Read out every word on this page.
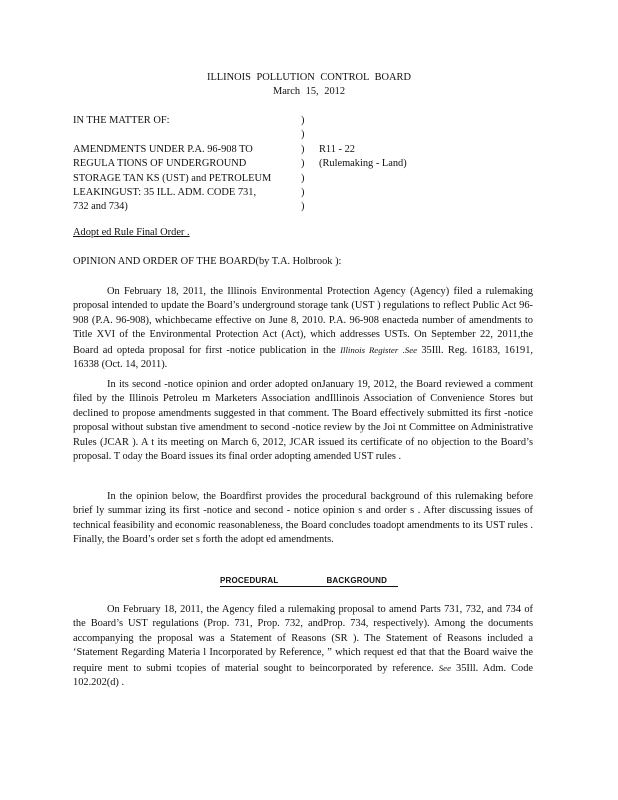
ILLINOIS POLLUTION CONTROL BOARD
March 15, 2012
IN THE MATTER OF:
AMENDMENTS UNDER P.A. 96-908 TO
REGULA TIONS OF UNDERGROUND
STORAGE TAN KS (UST) and PETROLEUM
LEAKINGUST: 35 ILL. ADM. CODE 731,
732 and 734)
)
)
)
)
)
)
)
R11 - 22
(Rulemaking - Land)
Adopt ed Rule Final Order .
OPINION AND ORDER OF THE BOARD(by T.A. Holbrook ):

On February 18, 2011, the Illinois Environmental Protection Agency (Agency) filed a rulemaking proposal intended to update the Board’s underground storage tank (UST ) regulations to reflect Public Act 96-908 (P.A. 96-908), whichbecame effective on June 8, 2010. P.A. 96-908 enacteda number of amendments to Title XVI of the Environmental Protection Act (Act), which addresses USTs. On September 22, 2011,the Board ad opteda proposal for first -notice publication in the Illinois Register .See 35Ill. Reg. 16183, 16191, 16338 (Oct. 14, 2011).

In its second -notice opinion and order adopted onJanuary 19, 2012, the Board reviewed a comment filed by the Illinois Petroleu m Marketers Association andIllinois Association of Convenience Stores but declined to propose amendments suggested in that comment. The Board effectively submitted its first -notice proposal without substan tive amendment to second -notice review by the Joi nt Committee on Administrative Rules (JCAR ). A t its meeting on March 6, 2012, JCAR issued its certificate of no objection to the Board’s proposal. T oday the Board issues its final order adopting amended UST rules .

In the opinion below, the Boardfirst provides the procedural background of this rulemaking before brief ly summar izing its first -notice and second - notice opinion s and order s . After discussing issues of technical feasibility and economic reasonableness, the Board concludes toadopt amendments to its UST rules . Finally, the Board’s order set s forth the adopt ed amendments.

PROCEDURAL	BACKGROUND

On February 18, 2011, the Agency filed a rulemaking proposal to amend Parts 731, 732, and 734 of the Board’s UST regulations (Prop. 731, Prop. 732, andProp. 734, respectively). Among the documents accompanying the proposal was a Statement of Reasons (SR ). The Statement of Reasons included a ‘Statement Regarding Materia l Incorporated by Reference, ” which request ed that that the Board waive the require ment to submi tcopies of material sought to beincorporated by reference. See 35Ill. Adm. Code 102.202(d) .
